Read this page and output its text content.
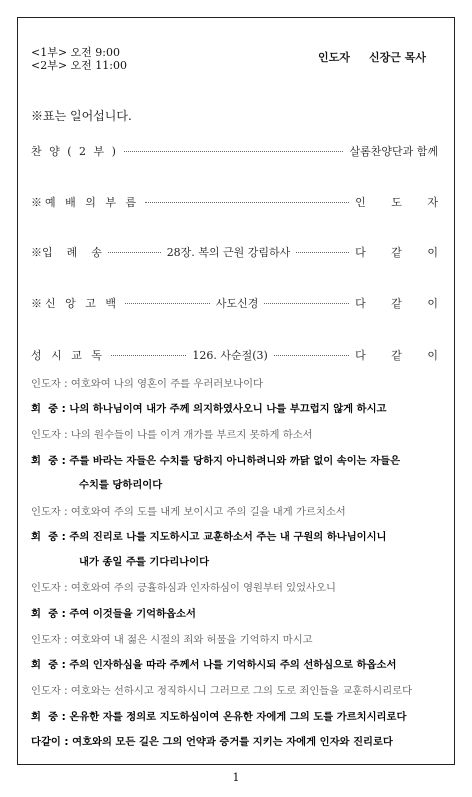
<1부> 오전 9:00
<2부> 오전 11:00
인도자 신장근 목사
※표는 일어섭니다.
찬 양 ( 2 부 )	살롬찬양단과 함께
※예 배 의 부 름	인 도 자
※입    례    송	28장. 복의 근원 강림하사	다 같 이
※신 앙 고 백	사도신경	다 같 이
성 시 교 독	126. 사순절(3)	다 같 이
인도자 : 여호와여 나의 영혼이 주를 우러러보나이다
회  중 : 나의 하나님이여 내가 주께 의지하였사오니 나를 부끄럽지 않게 하시고
인도자 : 나의 원수들이 나를 이겨 개가를 부르지 못하게 하소서
회  중 : 주를 바라는 자들은 수치를 당하지 아니하려니와 까닭 없이 속이는 자들은
수치를 당하리이다
인도자 : 여호와여 주의 도를 내게 보이시고 주의 길을 내게 가르치소서
회  중 : 주의 진리로 나를 지도하시고 교훈하소서 주는 내 구원의 하나님이시니
내가 종일 주를 기다리나이다
인도자 : 여호와여 주의 긍휼하심과 인자하심이 영원부터 있었사오니
회  중 : 주여 이것들을 기억하옵소서
인도자 : 여호와여 내 젊은 시절의 죄와 허물을 기억하지 마시고
회  중 : 주의 인자하심을 따라 주께서 나를 기억하시되 주의 선하심으로 하옵소서
인도자 : 여호와는 선하시고 정직하시니 그러므로 그의 도로 죄인들을 교훈하시리로다
회  중 : 온유한 자를 정의로 지도하심이여 온유한 자에게 그의 도를 가르치시리로다
다같이 : 여호와의 모든 길은 그의 언약과 증거를 지키는 자에게 인자와 진리로다
1
